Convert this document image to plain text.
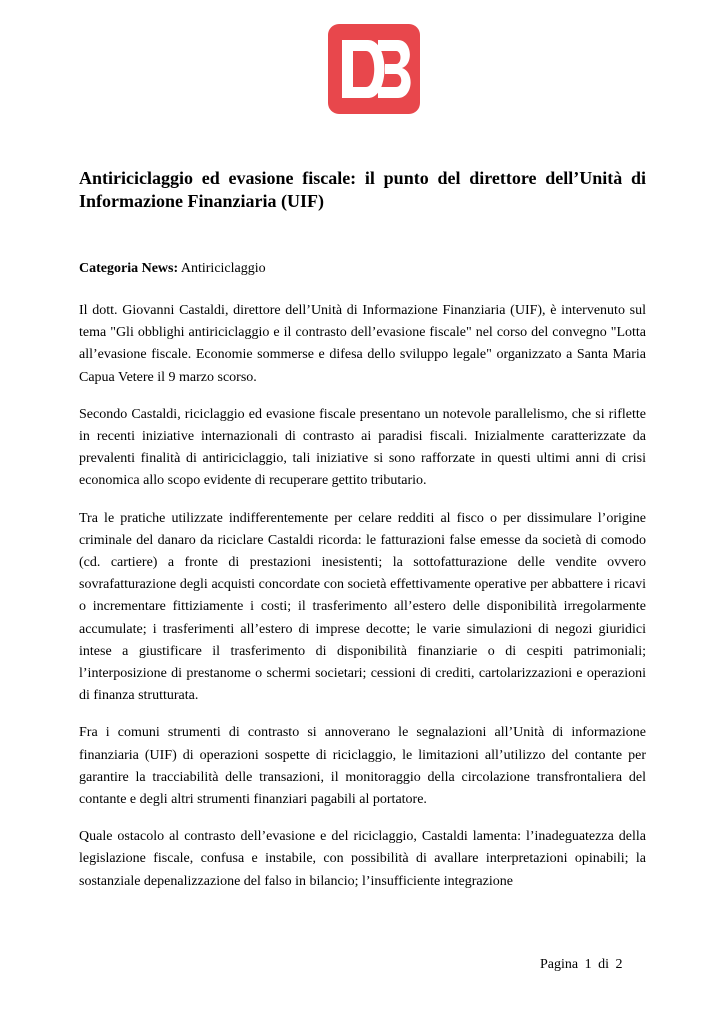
Antiriciclaggio ed evasione fiscale: il punto del direttore dell’Unità di Informazione Finanziaria (UIF)
Categoria News: Antiriciclaggio

Il dott. Giovanni Castaldi, direttore dell’Unità di Informazione Finanziaria (UIF), è intervenuto sul tema "Gli obblighi antiriciclaggio e il contrasto dell’evasione fiscale" nel corso del convegno "Lotta all’evasione fiscale. Economie sommerse e difesa dello sviluppo legale" organizzato a Santa Maria Capua Vetere il 9 marzo scorso.

Secondo Castaldi, riciclaggio ed evasione fiscale presentano un notevole parallelismo, che si riflette in recenti iniziative internazionali di contrasto ai paradisi fiscali. Inizialmente caratterizzate da prevalenti finalità di antiriciclaggio, tali iniziative si sono rafforzate in questi ultimi anni di crisi economica allo scopo evidente di recuperare gettito tributario.

Tra le pratiche utilizzate indifferentemente per celare redditi al fisco o per dissimulare l’origine criminale del danaro da riciclare Castaldi ricorda: le fatturazioni false emesse da società di comodo (cd. cartiere) a fronte di prestazioni inesistenti; la sottofatturazione delle vendite ovvero sovrafatturazione degli acquisti concordate con società effettivamente operative per abbattere i ricavi o incrementare fittiziamente i costi; il trasferimento all’estero delle disponibilità irregolarmente accumulate; i trasferimenti all’estero di imprese decotte; le varie simulazioni di negozi giuridici intese a giustificare il trasferimento di disponibilità finanziarie o di cespiti patrimoniali; l’interposizione di prestanome o schermi societari; cessioni di crediti, cartolarizzazioni e operazioni di finanza strutturata.

Fra i comuni strumenti di contrasto si annoverano le segnalazioni all’Unità di informazione finanziaria (UIF) di operazioni sospette di riciclaggio, le limitazioni all’utilizzo del contante per garantire la tracciabilità delle transazioni, il monitoraggio della circolazione transfrontaliera del contante e degli altri strumenti finanziari pagabili al portatore.

Quale ostacolo al contrasto dell’evasione e del riciclaggio, Castaldi lamenta: l’inadeguatezza della legislazione fiscale, confusa e instabile, con possibilità di avallare interpretazioni opinabili; la sostanziale depenalizzazione del falso in bilancio; l’insufficiente integrazione

Pagina 1 di 2
